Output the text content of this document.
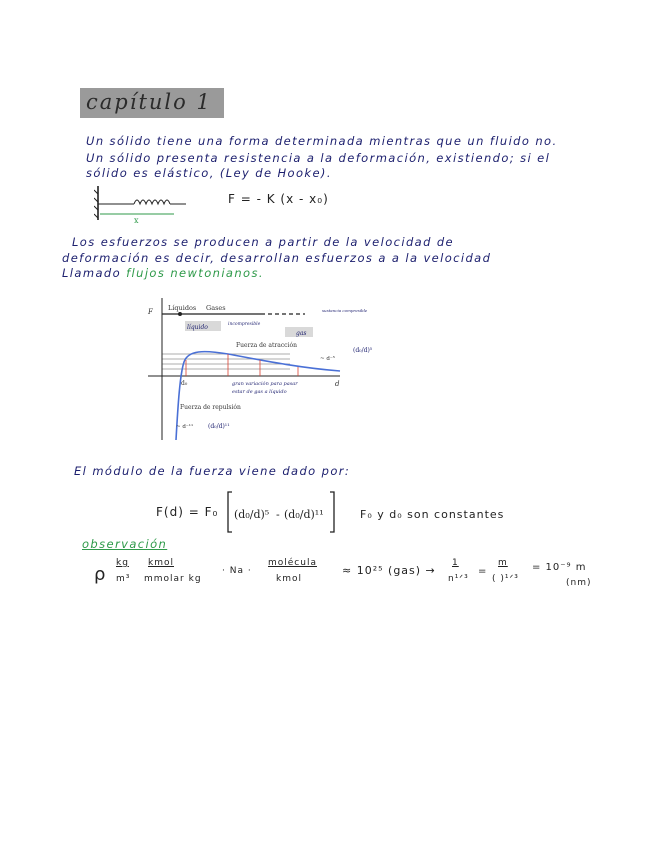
capítulo 1
Un sólido tiene una forma determinada mientras que un fluido no.
Un sólido presenta resistencia a la deformación, existiendo; si el
sólido es elástico, (Ley de Hooke).
x
F = - K (x - x₀)
Los esfuerzos se producen a partir de la velocidad de
deformación es decir, desarrollan esfuerzos a a la velocidad
Llamado flujos newtonianos.
F
d
Líquidos Gases
líquido	incompresible
gas
sustancia compresible
Fuerza de atracción
~ d⁻⁵
(d₀/d)⁵
d₀	gran variación para pasar
estar de gas a líquido
Fuerza de repulsión
~ d⁻¹¹ (d₀/d)¹¹
El módulo de la fuerza viene dado por:
F(d) = F₀ (d₀/d)⁵ - (d₀/d)¹¹	F₀ y d₀ son constantes
observación
ρ
kg
m³
kmol
mmolar kg
· Na ·
molécula
kmol
≈ 10²⁵ (gas) →
1
n¹ᐟ³
=
m
( )¹ᐟ³
= 10⁻⁹ m
(nm)
